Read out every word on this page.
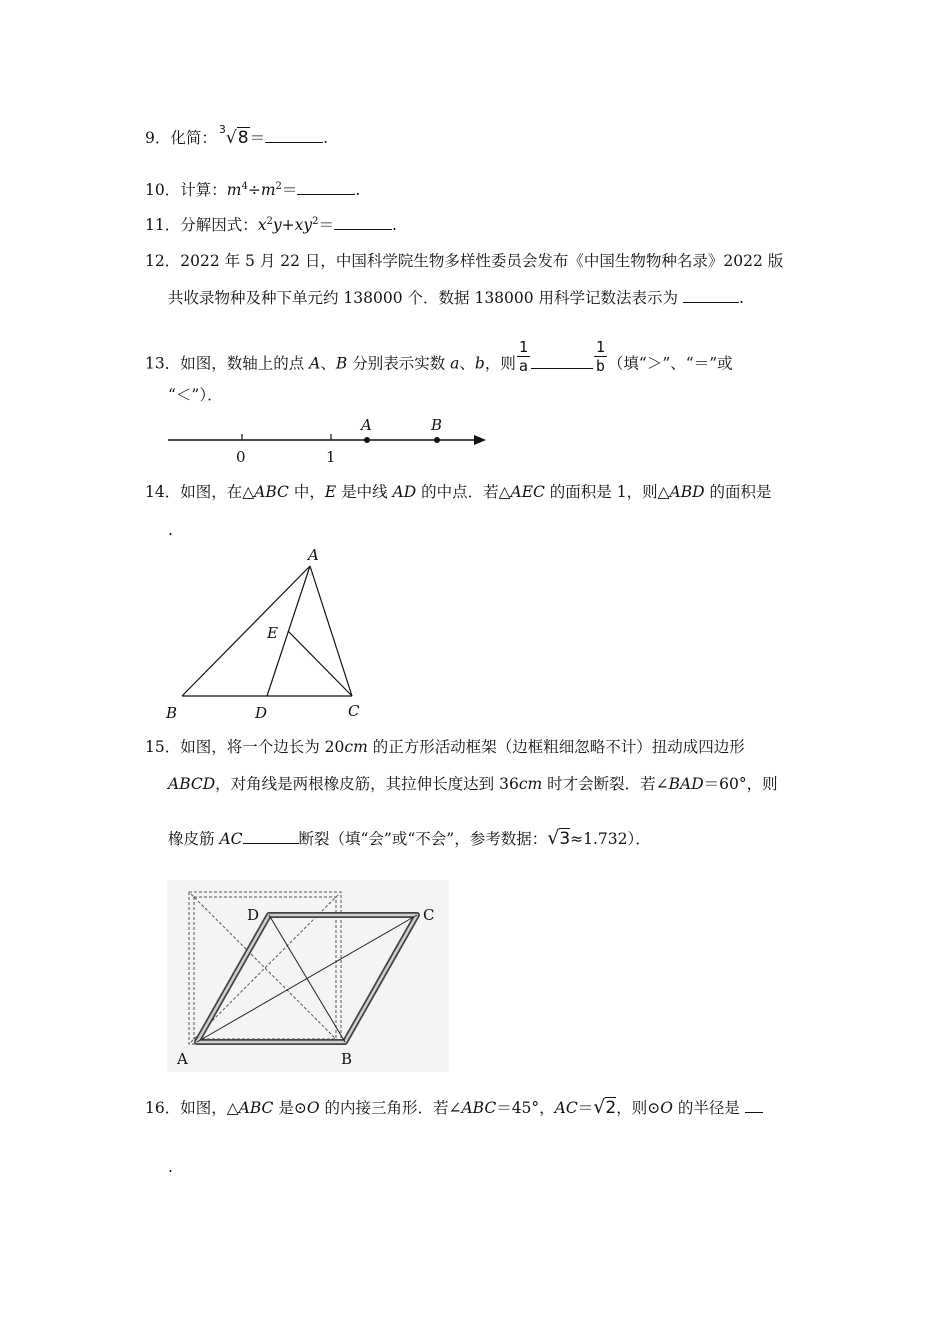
9．化简： $^3$√8＝	.
10．计算：$m^4\div m^2=$	.
11．分解因式：$x^2y+xy^2=$	.
12．2022 年 5 月 22 日，中国科学院生物多样性委员会发布《中国生物物种名录》2022 版
共收录物种及种下单元约 138000 个．数据 138000 用科学记数法表示为	.
13．如图，数轴上的点 A、B 分别表示实数 a、b，则 $\frac{1}{a}$	$\frac{1}{b}$ （填“＞”、“＝”或
“＜”）．
0	1
A	B
14．如图，在△ABC 中，E 是中线 AD 的中点．若△AEC 的面积是 1，则△ABD 的面积是
.
A
B	C
D
E
15．如图，将一个边长为 20cm 的正方形活动框架（边框粗细忽略不计）扭动成四边形
ABCD，对角线是两根橡皮筋，其拉伸长度达到 36cm 时才会断裂．若∠BAD＝60°，则
橡皮筋 AC	断裂（填“会”或“不会”，参考数据：√3≈1.732）．
A	B
C
D
16．如图，△ABC 是⊙O 的内接三角形．若∠ABC＝45°，AC＝√2，则⊙O 的半径是
.
